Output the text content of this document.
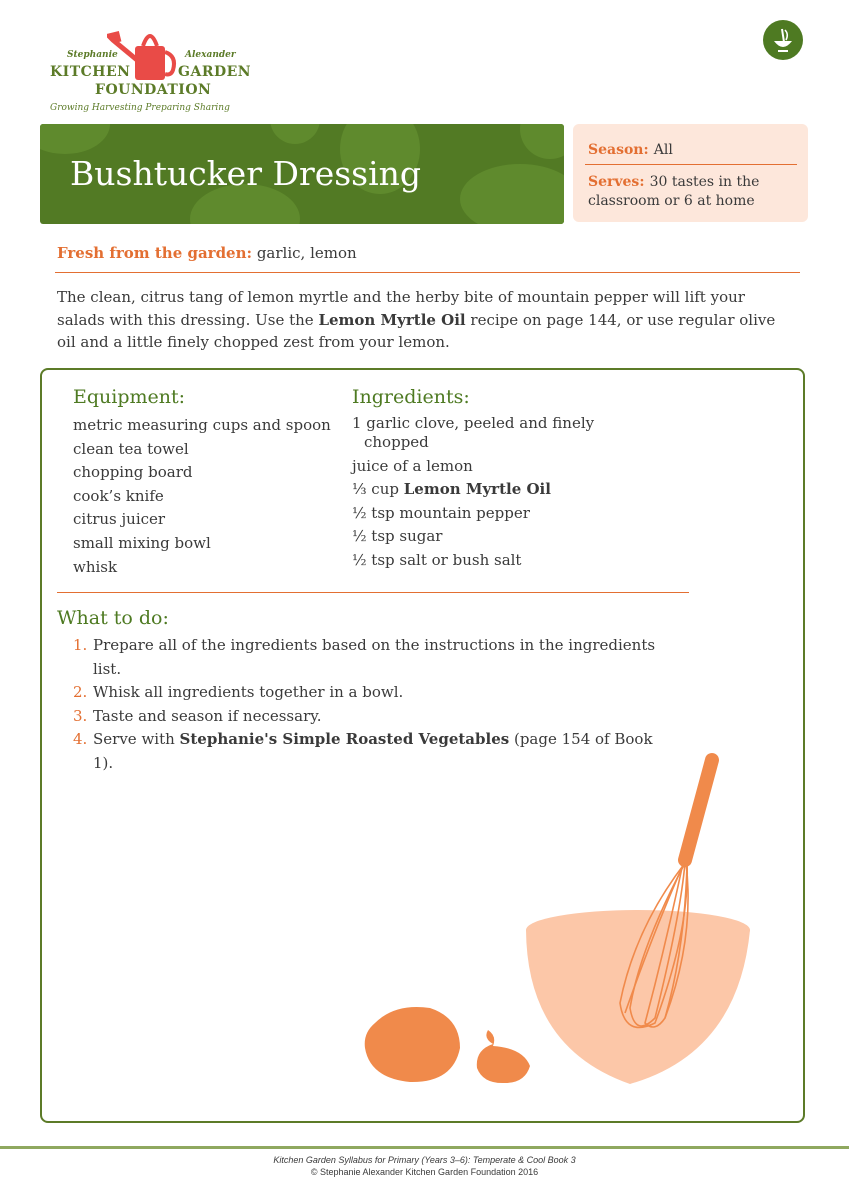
Stephanie	Alexander
KITCHEN	GARDEN
FOUNDATION
Growing Harvesting Preparing Sharing
Bushtucker Dressing
Season: All
Serves: 30 tastes in the classroom or 6 at home
Fresh from the garden: garlic, lemon
The clean, citrus tang of lemon myrtle and the herby bite of mountain pepper will lift your salads with this dressing. Use the Lemon Myrtle Oil recipe on page 144, or use regular olive oil and a little finely chopped zest from your lemon.
Equipment:
metric measuring cups and spoon
clean tea towel
chopping board
cook’s knife
citrus juicer
small mixing bowl
whisk
Ingredients:
1 garlic clove, peeled and finely chopped
juice of a lemon
⅓ cup Lemon Myrtle Oil
½ tsp mountain pepper
½ tsp sugar
½ tsp salt or bush salt
What to do:
1. Prepare all of the ingredients based on the instructions in the ingredients list.
2. Whisk all ingredients together in a bowl.
3. Taste and season if necessary.
4. Serve with Stephanie's Simple Roasted Vegetables (page 154 of Book 1).
Kitchen Garden Syllabus for Primary (Years 3–6): Temperate & Cool Book 3
© Stephanie Alexander Kitchen Garden Foundation 2016
